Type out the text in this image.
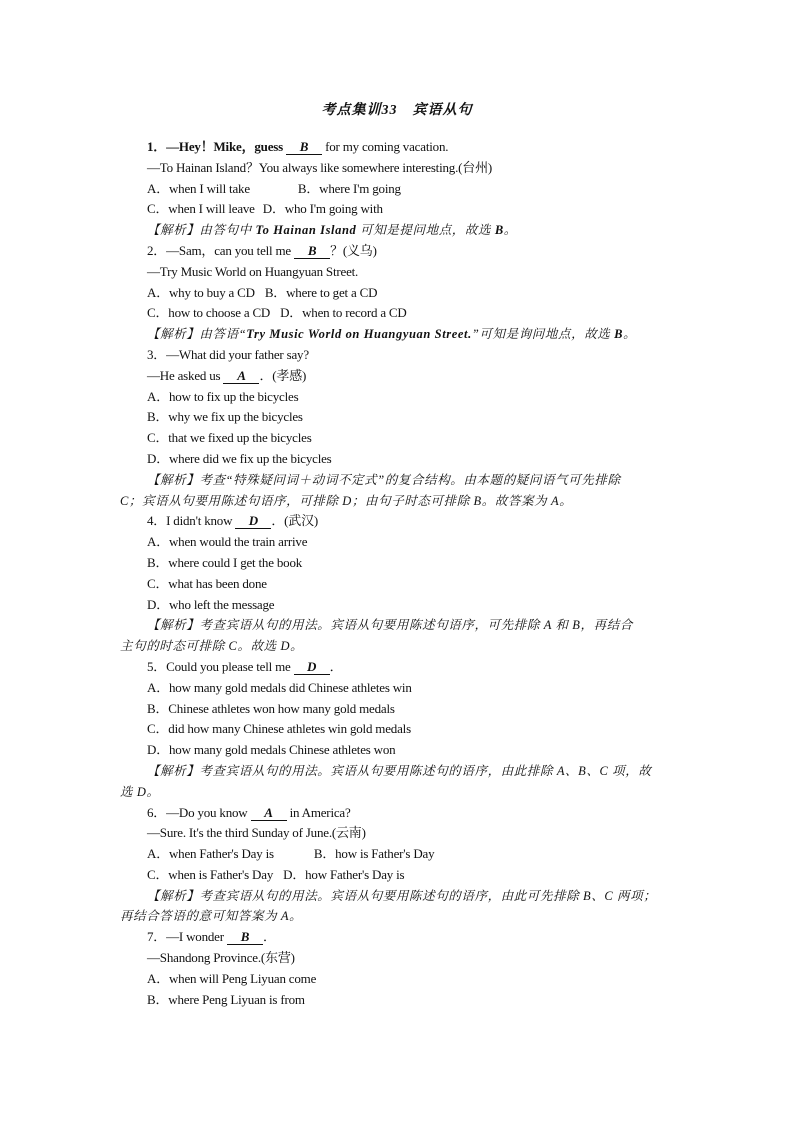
考点集训33　宾语从句
1．—Hey！Mike，guess B for my coming vacation.
—To Hainan Island？You always like somewhere interesting.(台州)
A．when I will take	B．where I'm going
C．when I will leave D．who I'm going with
【解析】由答句中 To Hainan Island 可知是提问地点，故选 B。
2．—Sam，can you tell me B ？(义乌)
—Try Music World on Huangyuan Street.
A．why to buy a CD B．where to get a CD
C．how to choose a CD D．when to record a CD
【解析】由答语“Try Music World on Huangyuan Street.”可知是询问地点，故选 B。
3．—What did your father say?
—He asked us A ．(孝感)
A．how to fix up the bicycles
B．why we fix up the bicycles
C．that we fixed up the bicycles
D．where did we fix up the bicycles
【解析】考查“特殊疑问词＋动词不定式”的复合结构。由本题的疑问语气可先排除
C；宾语从句要用陈述句语序，可排除 D；由句子时态可排除 B。故答案为 A。
4．I didn't know D ．(武汉)
A．when would the train arrive
B．where could I get the book
C．what has been done
D．who left the message
【解析】考查宾语从句的用法。宾语从句要用陈述句语序，可先排除 A 和 B，再结合
主句的时态可排除 C。故选 D。
5．Could you please tell me D ．
A．how many gold medals did Chinese athletes win
B．Chinese athletes won how many gold medals
C．did how many Chinese athletes win gold medals
D．how many gold medals Chinese athletes won
【解析】考查宾语从句的用法。宾语从句要用陈述句的语序，由此排除 A、B、C 项，故
选 D。
6．—Do you know A in America?
—Sure. It's the third Sunday of June.(云南)
A．when Father's Day is	B．how is Father's Day
C．when is Father's Day D．how Father's Day is
【解析】考查宾语从句的用法。宾语从句要用陈述句的语序，由此可先排除 B、C 两项；
再结合答语的意可知答案为 A。
7．—I wonder B ．
—Shandong Province.(东营)
A．when will Peng Liyuan come
B．where Peng Liyuan is from
